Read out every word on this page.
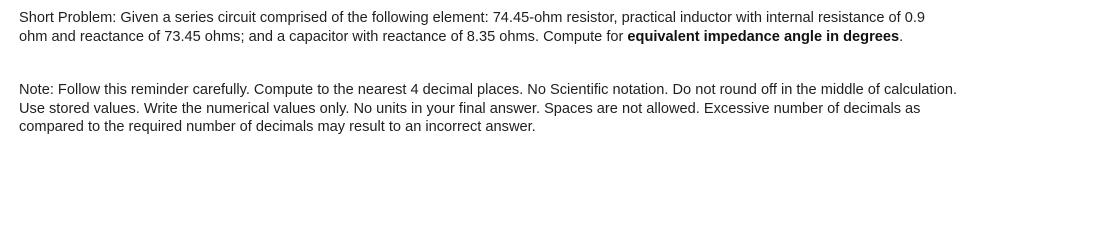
Short Problem: Given a series circuit comprised of the following element: 74.45-ohm resistor, practical inductor with internal resistance of 0.9
ohm and reactance of 73.45 ohms; and a capacitor with reactance of 8.35 ohms. Compute for equivalent impedance angle in degrees.
Note: Follow this reminder carefully. Compute to the nearest 4 decimal places. No Scientific notation. Do not round off in the middle of calculation.
Use stored values. Write the numerical values only. No units in your final answer. Spaces are not allowed. Excessive number of decimals as
compared to the required number of decimals may result to an incorrect answer.
